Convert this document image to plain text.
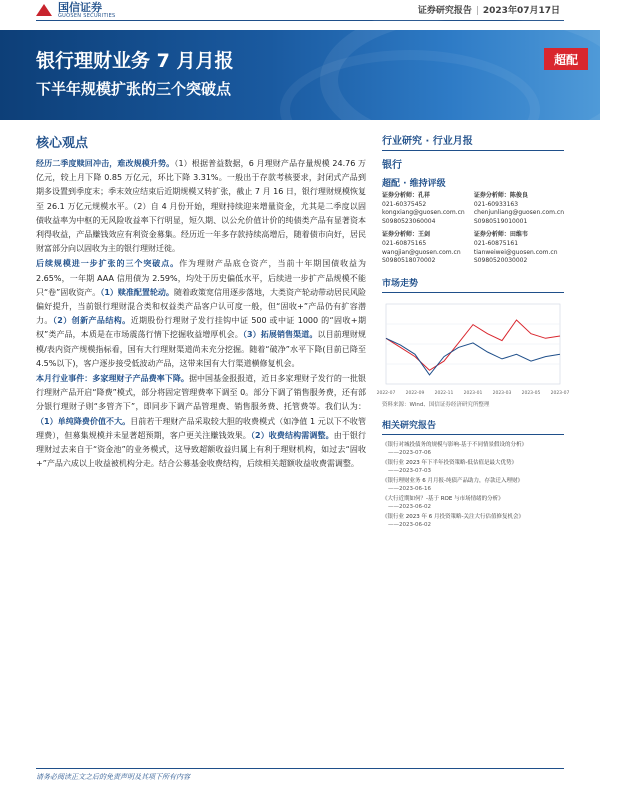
国信证券
GUOSEN SECURITIES	证券研究报告 | 2023年07月17日
银行理财业务 7 月月报
下半年规模扩张的三个突破点
超配
核心观点

经历二季度赎回冲击，难改规模升势。（1）根据普益数据，6 月理财产品存量规模 24.76 万亿元，较上月下降 0.85 万亿元，环比下降 3.31%。一般出于存款考核要求，封闭式产品到期多设置到季度末；季末效应结束后近期规模又转扩张，截止 7 月 16 日，银行理财规模恢复至 26.1 万亿元规模水平。（2）自 4 月份开始，理财持续迎来增量资金，尤其是二季度以固债收益率为中枢的无风险收益率下行明显，短久期、以公允价值计价的纯债类产品有显著资本利得收益，产品赚钱效应有利资金募集。经历近一年多存款持续高增后，随着债市向好，居民财富部分向以固收为主的银行理财迁徙。

后续规模进一步扩张的三个突破点。作为理财产品底仓资产，当前十年期国债收益为 2.65%，一年期 AAA 信用债为 2.59%，均处于历史偏低水平，后续进一步扩产品规模不能只“卷”固收资产。（1）赎准配置轮动。随着政策宽信用逐步落地，大类资产轮动带动居民风险偏好提升，当前银行理财混合类和权益类产品客户认可度一般，但“固收+”产品仍有扩容潜力。（2）创新产品结构。近期股份行理财子发行挂钩中证 500 或中证 1000 的“固收+期权”类产品，本质是在市场震荡行情下挖掘收益增厚机会。（3）拓展销售渠道。以目前理财规模/表内资产规模指标看，国有大行理财渠道尚未充分挖掘。随着“破净”水平下降(目前已降至 4.5%以下)，客户逐步接受低波动产品，这带来国有大行渠道横修复机会。

本月行业事件：多家理财子产品费率下降。据中国基金报报道，近日多家理财子发行的一批银行理财产品开启“降费”模式，部分将固定管理费率下调至 0。部分下调了销售服务费，还有部分银行理财子则“多管齐下”，即同步下调产品管理费、销售服务费、托管费等。我们认为：（1）单纯降费价值不大。目前若干理财产品采取较大胆的收费模式（如净值 1 元以下不收管理费），但募集规模并未显著超预期，客户更关注赚钱效果。（2）收费结构需调整。由于银行理财过去来自于“资金池”的业务模式，这导致超额收益归属上有利于理财机构，如过去“固收+”产品六成以上收益被机构分走。结合公募基金收费结构，后续相关超额收益收费需调整。

行业研究 · 行业月报
银行
超配 · 维持评级
证券分析师：孔祥
021-60375452
kongxiang@guosen.com.cn
S0980523060004
证券分析师：陈俊良
021-60933163
chenjunliang@guosen.com.cn
S0980519010001
证券分析师：王剑
021-60875165
wangjian@guosen.com.cn
S0980518070002
证券分析师：田维韦
021-60875161
tianweiwei@guosen.com.cn
S0980520030002
市场走势
2022-07 2022-09 2022-11 2023-01 2023-03 2023-05 2023-07
资料来源：Wind、国信证券经济研究所整理
相关研究报告
《银行对城投债务的规模与影响-基于不同情景假设的分析》
——2023-07-06
《银行业 2023 年下半年投资策略-低估值是最大优势》
——2023-07-03
《银行理财业务 6 月月报-纯债产品助力，存款迁入理财》
——2023-06-16
《大行近期如何？-基于 ROE 与市场情绪的分析》
——2023-06-02
《银行业 2023 年 6 月投资策略-关注大行估值修复机会》
——2023-06-02
请务必阅读正文之后的免责声明及其项下所有内容
